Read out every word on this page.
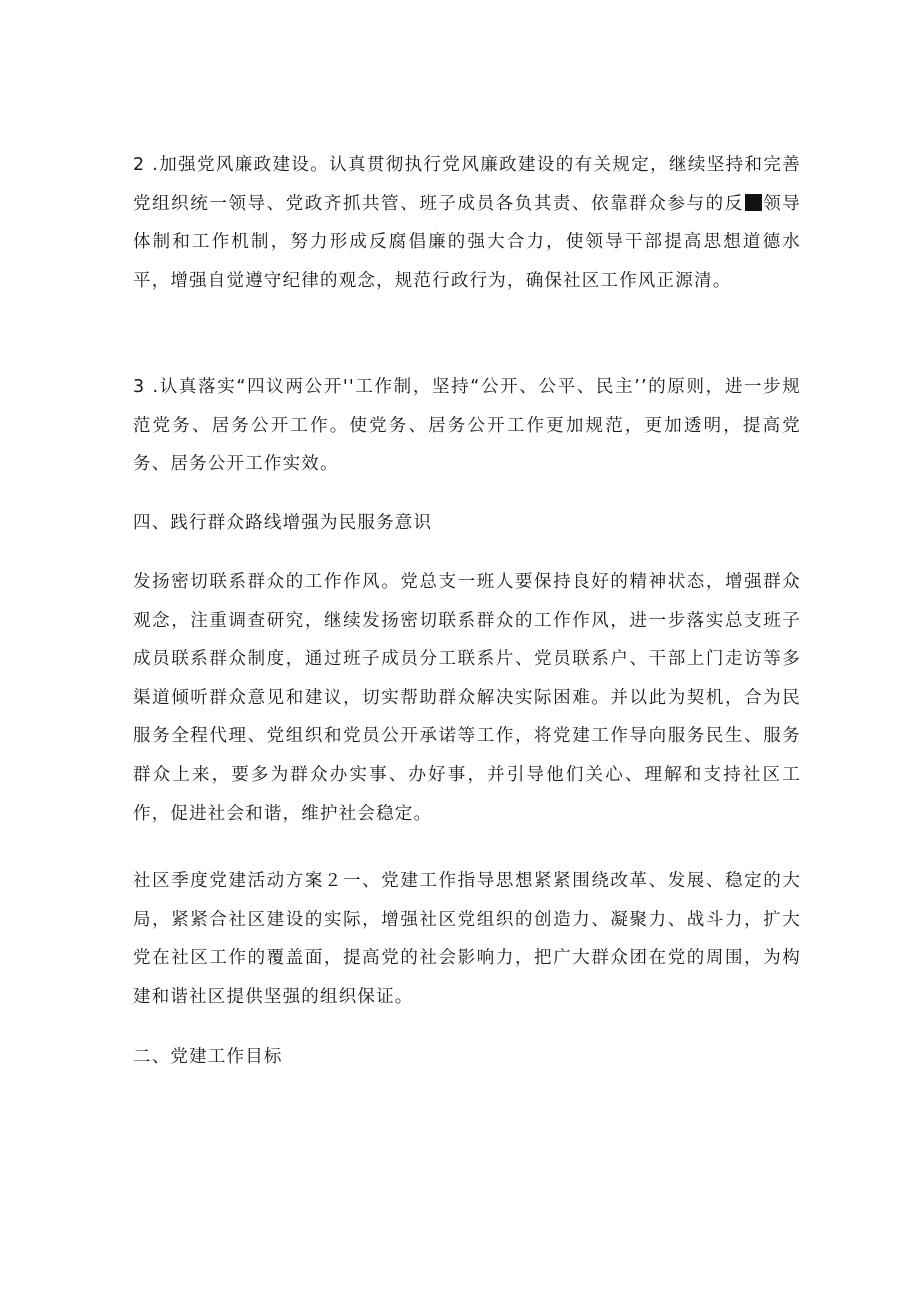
2 .加强党风廉政建设。认真贯彻执行党风廉政建设的有关规定，继续坚持和完善党组织统一领导、党政齐抓共管、班子成员各负其责、依靠群众参与的反 领导体制和工作机制，努力形成反腐倡廉的强大合力，使领导干部提高思想道德水平，增强自觉遵守纪律的观念，规范行政行为，确保社区工作风正源清。

3 .认真落实“四议两公开''工作制，坚持“公开、公平、民主’’的原则，进一步规范党务、居务公开工作。使党务、居务公开工作更加规范，更加透明，提高党务、居务公开工作实效。

四、践行群众路线增强为民服务意识

发扬密切联系群众的工作作风。党总支一班人要保持良好的精神状态，增强群众观念，注重调查研究，继续发扬密切联系群众的工作作风，进一步落实总支班子成员联系群众制度，通过班子成员分工联系片、党员联系户、干部上门走访等多渠道倾听群众意见和建议，切实帮助群众解决实际困难。并以此为契机，合为民服务全程代理、党组织和党员公开承诺等工作，将党建工作导向服务民生、服务群众上来，要多为群众办实事、办好事，并引导他们关心、理解和支持社区工作，促进社会和谐，维护社会稳定。

社区季度党建活动方案２一、党建工作指导思想紧紧围绕改革、发展、稳定的大局，紧紧合社区建设的实际，增强社区党组织的创造力、凝聚力、战斗力，扩大党在社区工作的覆盖面，提高党的社会影响力，把广大群众团在党的周围，为构建和谐社区提供坚强的组织保证。

二、党建工作目标
